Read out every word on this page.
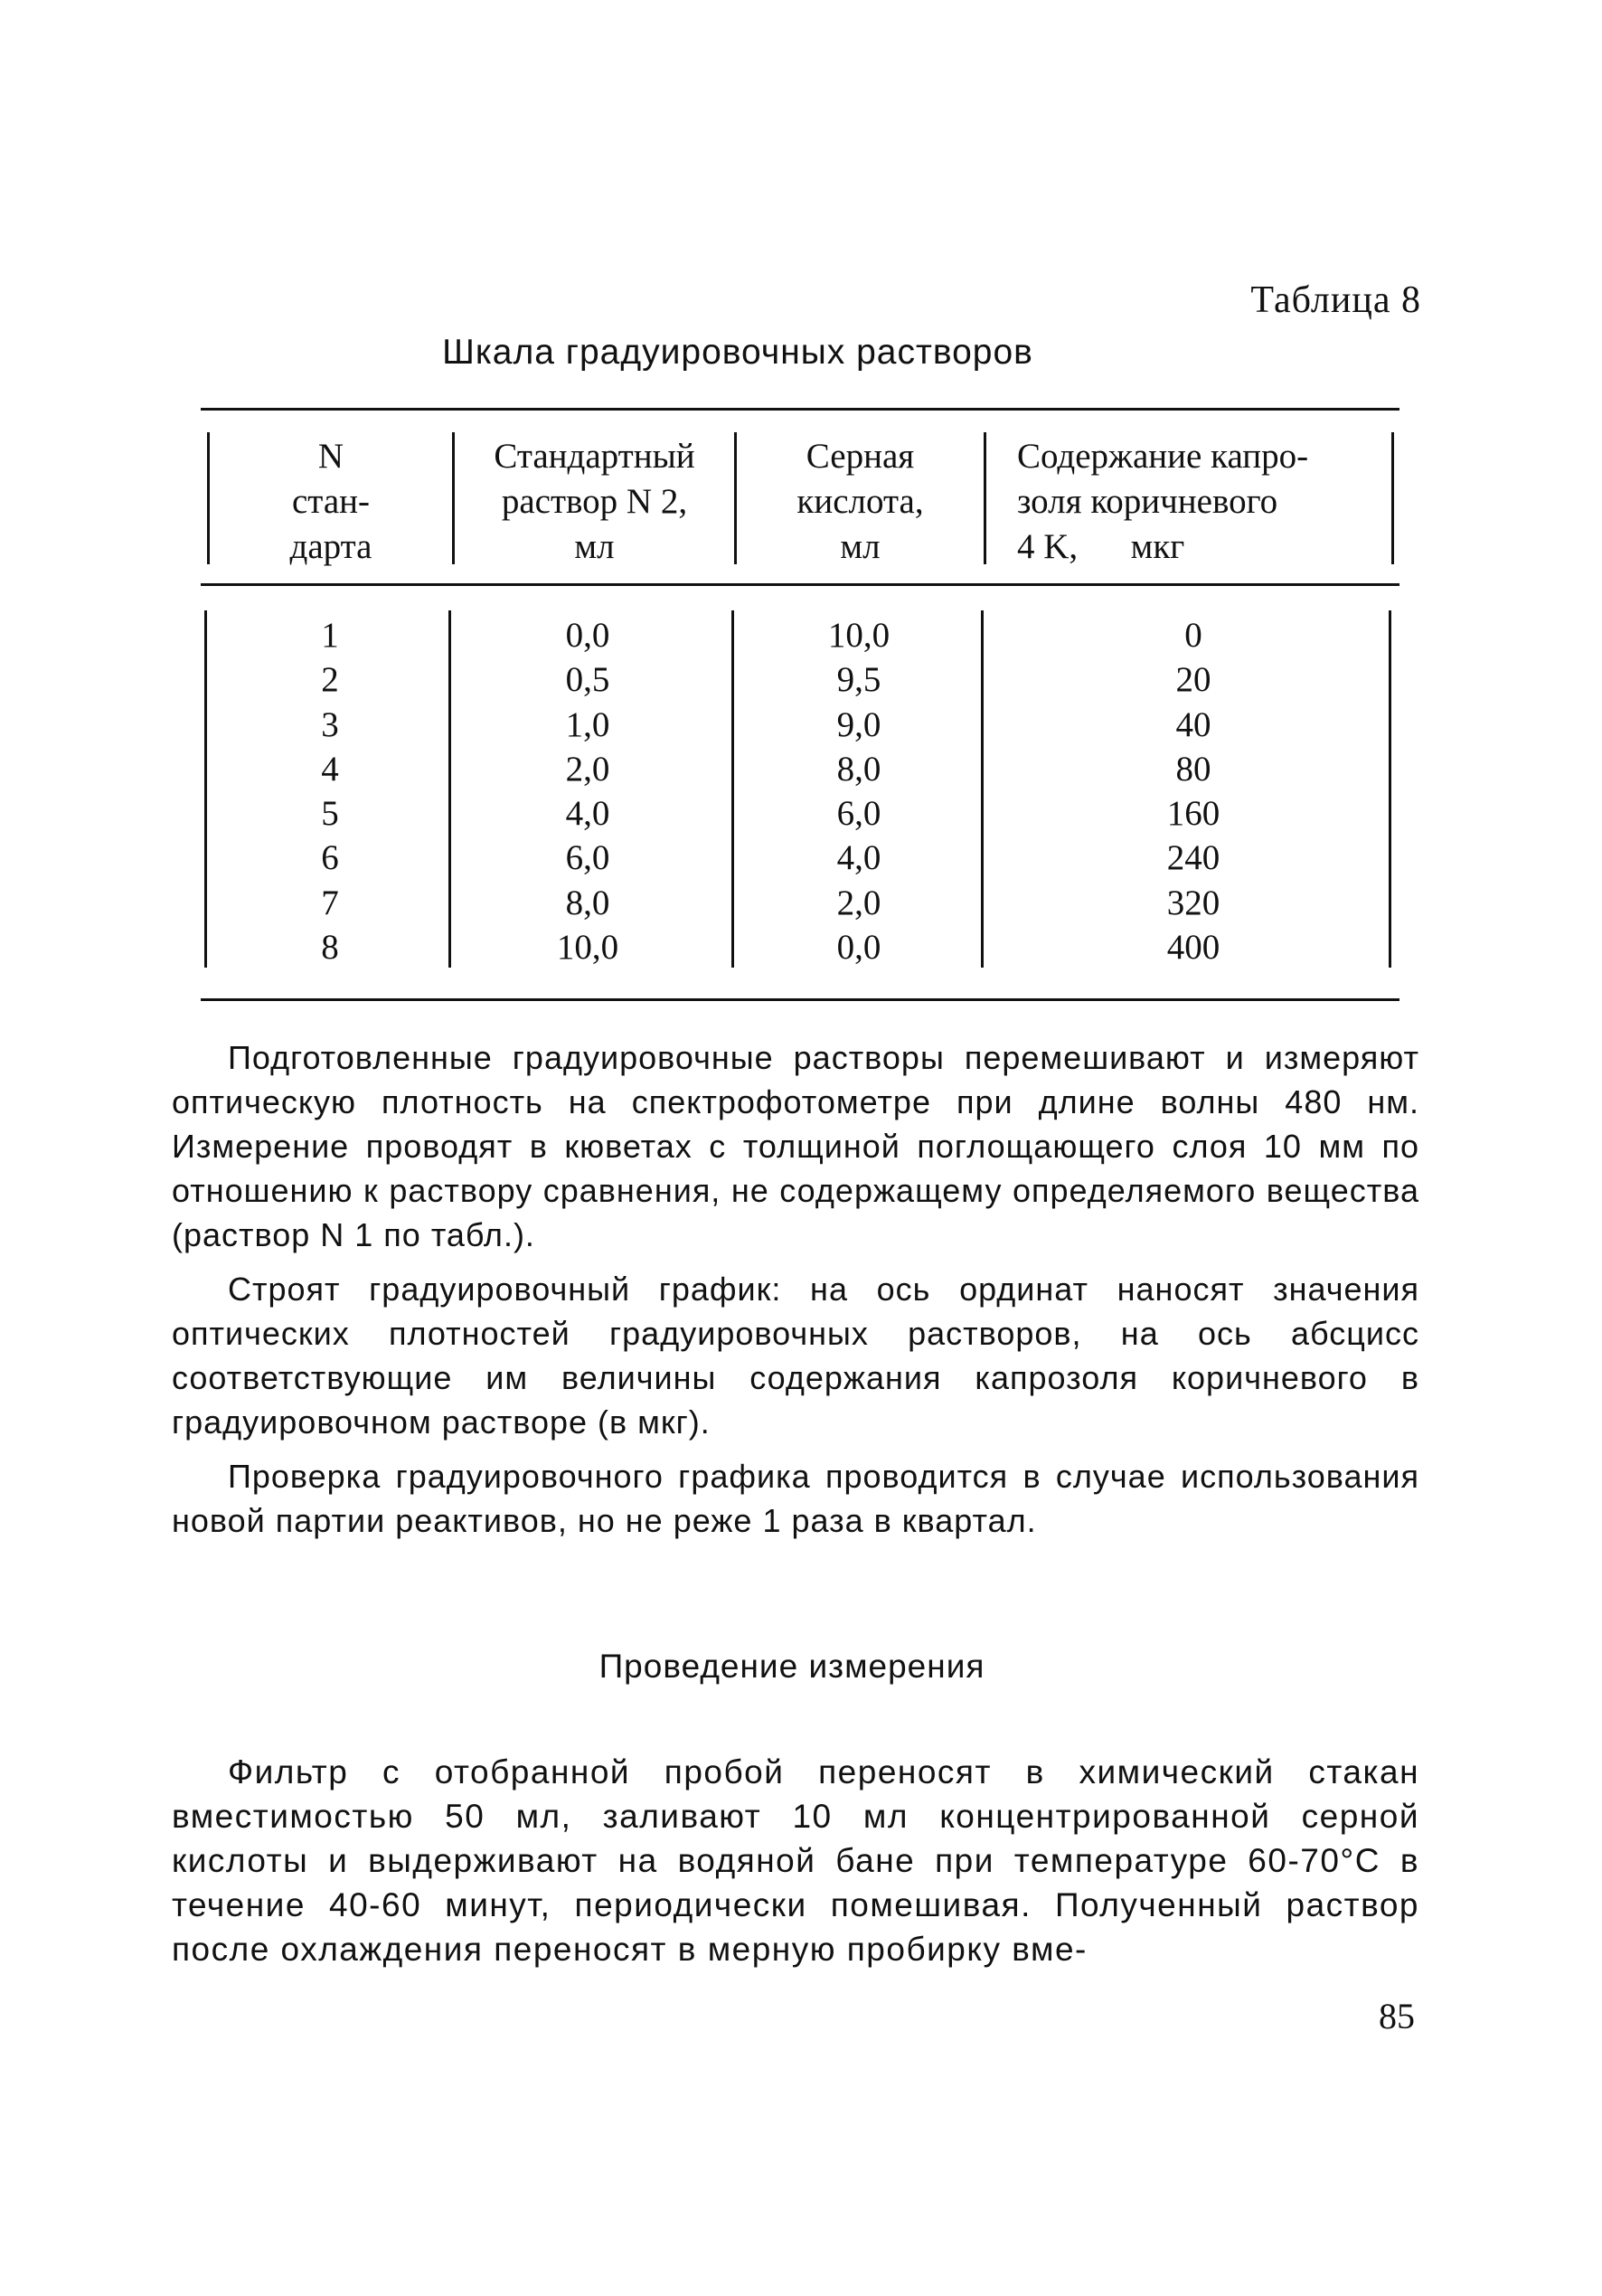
Таблица 8
Шкала градуировочных растворов
N
стан-
дарта
Стандартный
раствор N 2,
мл
Серная
кислота,
мл
Содержание капро-
золя коричневого
4 K,      мкг
1
2
3
4
5
6
7
8
0,0
0,5
1,0
2,0
4,0
6,0
8,0
10,0
10,0
9,5
9,0
8,0
6,0
4,0
2,0
0,0
0
20
40
80
160
240
320
400

Подготовленные градуировочные растворы перемешивают и измеряют оптическую плотность на спектрофотометре при длине волны 480 нм. Измерение проводят в кюветах с толщиной поглощающего слоя 10 мм по отношению к раствору сравнения, не содержащему определяемого вещества (раствор N 1 по табл.).

Строят градуировочный график: на ось ординат наносят значения оптических плотностей градуировочных растворов, на ось абсцисс соответствующие им величины содержания капрозоля коричневого в градуировочном растворе (в мкг).

Проверка градуировочного графика проводится в случае использования новой партии реактивов, но не реже 1 раза в квартал.

Проведение измерения

Фильтр с отобранной пробой переносят в химический стакан вместимостью 50 мл, заливают 10 мл концентрированной серной кислоты и выдерживают на водяной бане при температуре 60-70°С в течение 40-60 минут, периодически помешивая. Полученный раствор после охлаждения переносят в мерную пробирку вме-

85
